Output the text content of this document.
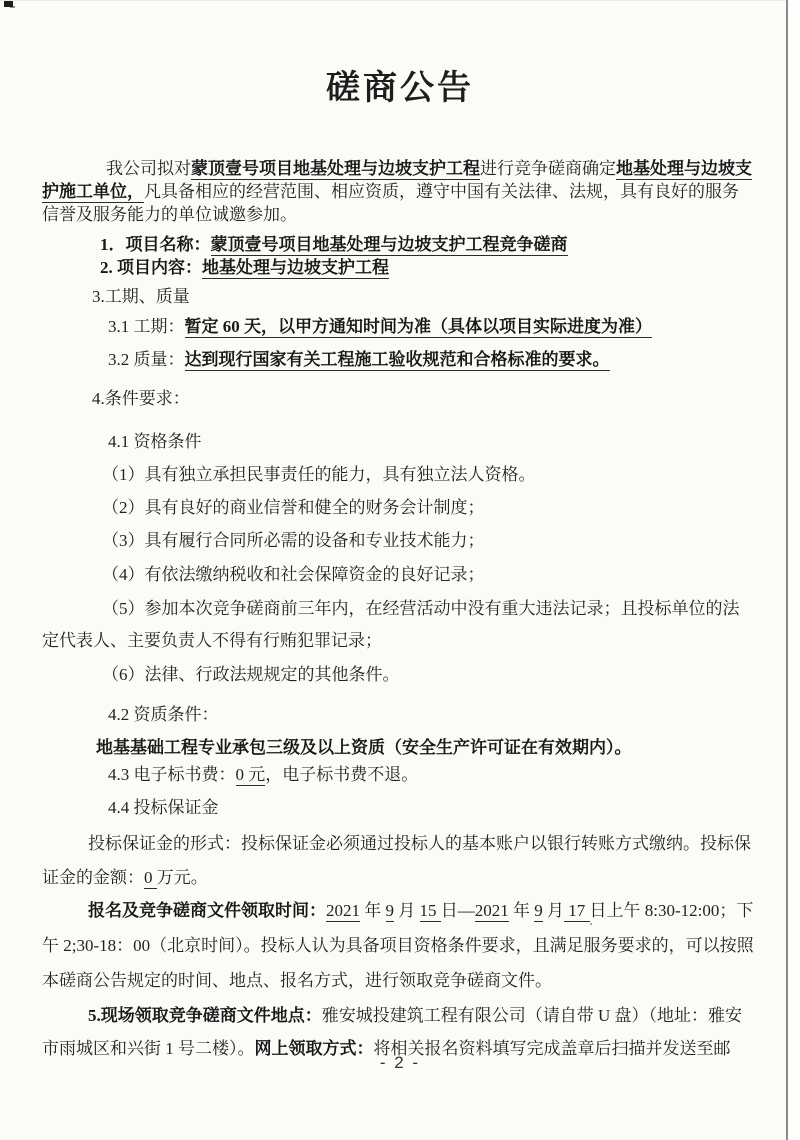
磋商公告

我公司拟对蒙顶壹号项目地基处理与边坡支护工程进行竞争磋商确定地基处理与边坡支护施工单位，凡具备相应的经营范围、相应资质，遵守中国有关法律、法规，具有良好的服务信誉及服务能力的单位诚邀参加。

1．项目名称：蒙顶壹号项目地基处理与边坡支护工程竞争磋商

2. 项目内容：地基处理与边坡支护工程

3.工期、质量

3.1 工期：暂定 60 天，以甲方通知时间为准（具体以项目实际进度为准）

3.2 质量：达到现行国家有关工程施工验收规范和合格标准的要求。

4.条件要求：

4.1 资格条件

（1）具有独立承担民事责任的能力，具有独立法人资格。

（2）具有良好的商业信誉和健全的财务会计制度；

（3）具有履行合同所必需的设备和专业技术能力；

（4）有依法缴纳税收和社会保障资金的良好记录；

（5）参加本次竞争磋商前三年内，在经营活动中没有重大违法记录；且投标单位的法定代表人、主要负责人不得有行贿犯罪记录；

（6）法律、行政法规规定的其他条件。

4.2 资质条件：

地基基础工程专业承包三级及以上资质（安全生产许可证在有效期内）。

4.3 电子标书费：0 元，电子标书费不退。

4.4 投标保证金

投标保证金的形式：投标保证金必须通过投标人的基本账户以银行转账方式缴纳。投标保证金的金额：0 万元。

报名及竞争磋商文件领取时间：2021 年 9 月 15 日—2021 年 9 月 17 日上午 8:30-12:00；下午 2;30-18：00（北京时间）。投标人认为具备项目资格条件要求，且满足服务要求的，可以按照本磋商公告规定的时间、地点、报名方式，进行领取竞争磋商文件。

5.现场领取竞争磋商文件地点：雅安城投建筑工程有限公司（请自带 U 盘）（地址：雅安市雨城区和兴街 1 号二楼）。网上领取方式：将相关报名资料填写完成盖章后扫描并发送至邮

- 2 -
